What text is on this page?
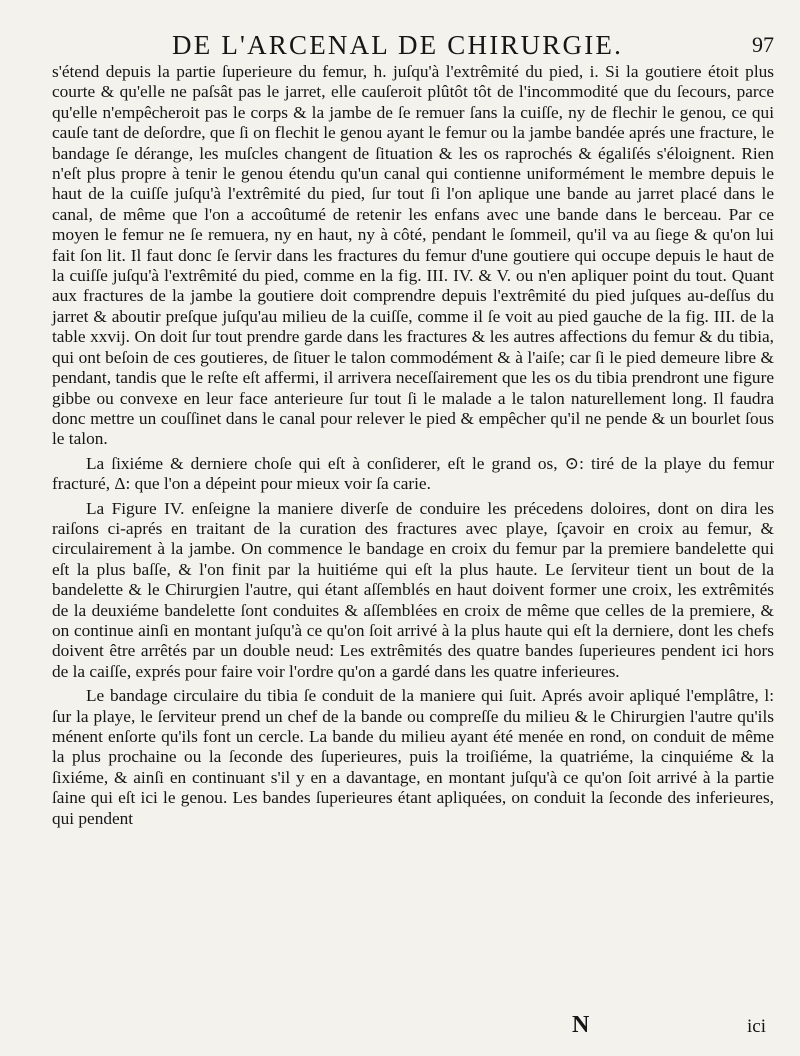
DE L'ARCENAL DE CHIRURGIE.	97

s'étend depuis la partie ſuperieure du femur, h. juſqu'à l'extrêmité du pied, i. Si la goutiere étoit plus courte & qu'elle ne paſsât pas le jarret, elle cauſeroit plûtôt tôt de l'incommodité que du ſecours, parce qu'elle n'empêcheroit pas le corps & la jambe de ſe remuer ſans la cuiſſe, ny de flechir le genou, ce qui cauſe tant de deſordre, que ſi on flechit le genou ayant le femur ou la jambe bandée aprés une fracture, le bandage ſe dérange, les muſcles changent de ſituation & les os raprochés & égaliſés s'éloignent. Rien n'eſt plus propre à tenir le genou étendu qu'un canal qui contienne uniformément le membre depuis le haut de la cuiſſe juſqu'à l'extrêmité du pied, ſur tout ſi l'on aplique une bande au jarret placé dans le canal, de même que l'on a accoûtumé de retenir les enfans avec une bande dans le berceau. Par ce moyen le femur ne ſe remuera, ny en haut, ny à côté, pendant le ſommeil, qu'il va au ſiege & qu'on lui fait ſon lit. Il faut donc ſe ſervir dans les fractures du femur d'une goutiere qui occupe depuis le haut de la cuiſſe juſqu'à l'extrêmité du pied, comme en la fig. III. IV. & V. ou n'en apliquer point du tout. Quant aux fractures de la jambe la goutiere doit comprendre depuis l'extrêmité du pied juſques au-deſſus du jarret & aboutir preſque juſqu'au milieu de la cuiſſe, comme il ſe voit au pied gauche de la fig. III. de la table xxvij. On doit ſur tout prendre garde dans les fractures & les autres affections du femur & du tibia, qui ont beſoin de ces goutieres, de ſituer le talon commodément & à l'aiſe; car ſi le pied demeure libre & pendant, tandis que le reſte eſt affermi, il arrivera neceſſairement que les os du tibia prendront une figure gibbe ou convexe en leur face anterieure ſur tout ſi le malade a le talon naturellement long. Il faudra donc mettre un couſſinet dans le canal pour relever le pied & empêcher qu'il ne pende & un bourlet ſous le talon.

La ſixiéme & derniere choſe qui eſt à conſiderer, eſt le grand os, ⊙: tiré de la playe du femur fracturé, Δ: que l'on a dépeint pour mieux voir ſa carie.

La Figure IV. enſeigne la maniere diverſe de conduire les précedens doloires, dont on dira les raiſons ci-aprés en traitant de la curation des fractures avec playe, ſçavoir en croix au femur, & circulairement à la jambe. On commence le bandage en croix du femur par la premiere bandelette qui eſt la plus baſſe, & l'on finit par la huitiéme qui eſt la plus haute. Le ſerviteur tient un bout de la bandelette & le Chirurgien l'autre, qui étant aſſemblés en haut doivent former une croix, les extrêmités de la deuxiéme bandelette ſont conduites & aſſemblées en croix de même que celles de la premiere, & on continue ainſi en montant juſqu'à ce qu'on ſoit arrivé à la plus haute qui eſt la derniere, dont les chefs doivent être arrêtés par un double neud: Les extrêmités des quatre bandes ſuperieures pendent ici hors de la caiſſe, exprés pour faire voir l'ordre qu'on a gardé dans les quatre inferieures.

Le bandage circulaire du tibia ſe conduit de la maniere qui ſuit. Aprés avoir apliqué l'emplâtre, l: ſur la playe, le ſerviteur prend un chef de la bande ou compreſſe du milieu & le Chirurgien l'autre qu'ils ménent enſorte qu'ils font un cercle. La bande du milieu ayant été menée en rond, on conduit de même la plus prochaine ou la ſeconde des ſuperieures, puis la troiſiéme, la quatriéme, la cinquiéme & la ſixiéme, & ainſi en continuant s'il y en a davantage, en montant juſqu'à ce qu'on ſoit arrivé à la partie ſaine qui eſt ici le genou. Les bandes ſuperieures étant apliquées, on conduit la ſeconde des inferieures, qui pendent

N	ici
